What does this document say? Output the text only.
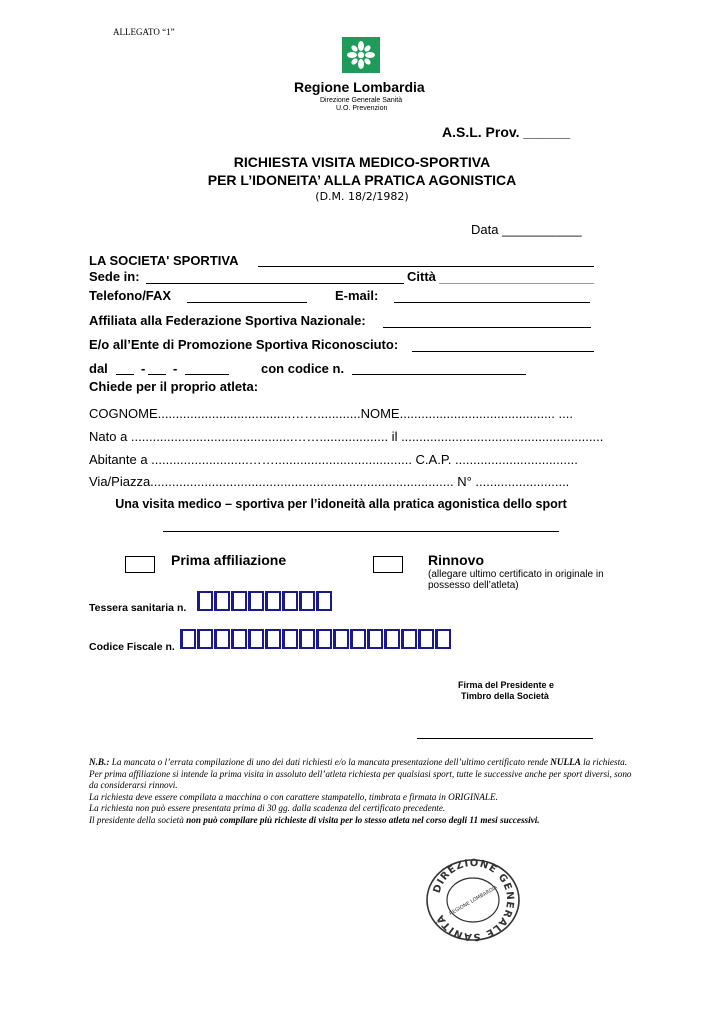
ALLEGATO “1”
Regione Lombardia
Direzione Generale Sanità
U.O. Prevenzion
A.S.L. Prov. ______
RICHIESTA VISITA MEDICO-SPORTIVA
PER L’IDONEITA’ ALLA PRATICA AGONISTICA
(D.M. 18/2/1982)
Data ___________
LA SOCIETA' SPORTIVA
Sede in:	Città
Telefono/FAX	E-mail:
Affiliata alla Federazione Sportiva Nazionale:
E/o all’Ente di Promozione Sportiva Riconosciuto:
dal	- -	con codice n.
Chiede per il proprio atleta:
COGNOME.....................................……............NOME........................................... ....
Nato a .............................................……................... il ........................................................
Abitante a ...........................……...................................... C.A.P. ..................................
Via/Piazza.................................................................................... N° ..........................
Una visita medico – sportiva per l’idoneità alla pratica agonistica dello sport
Prima affiliazione	Rinnovo
(allegare ultimo certificato in originale in
possesso dell’atleta)
Tessera sanitaria n.
Codice Fiscale n.
Firma del Presidente e
Timbro della Società
N.B.: La mancata o l’errata compilazione di uno dei dati richiesti e/o la mancata presentazione dell’ultimo certificato rende NULLA la richiesta.
Per prima affiliazione si intende la prima visita in assoluto dell’atleta richiesta per qualsiasi sport, tutte le successive anche per sport diversi, sono da considerarsi rinnovi.
La richiesta deve essere compilata a macchina o con carattere stampatello, timbrata e firmata in ORIGINALE.
La richiesta non può essere presentata prima di 30 gg. dalla scadenza del certificato precedente.
Il presidente della società non può compilare più richieste di visita per lo stesso atleta nel corso degli 11 mesi successivi.
DIREZIONE GENERALE SANITÀ
REGIONE LOMBARDIA
